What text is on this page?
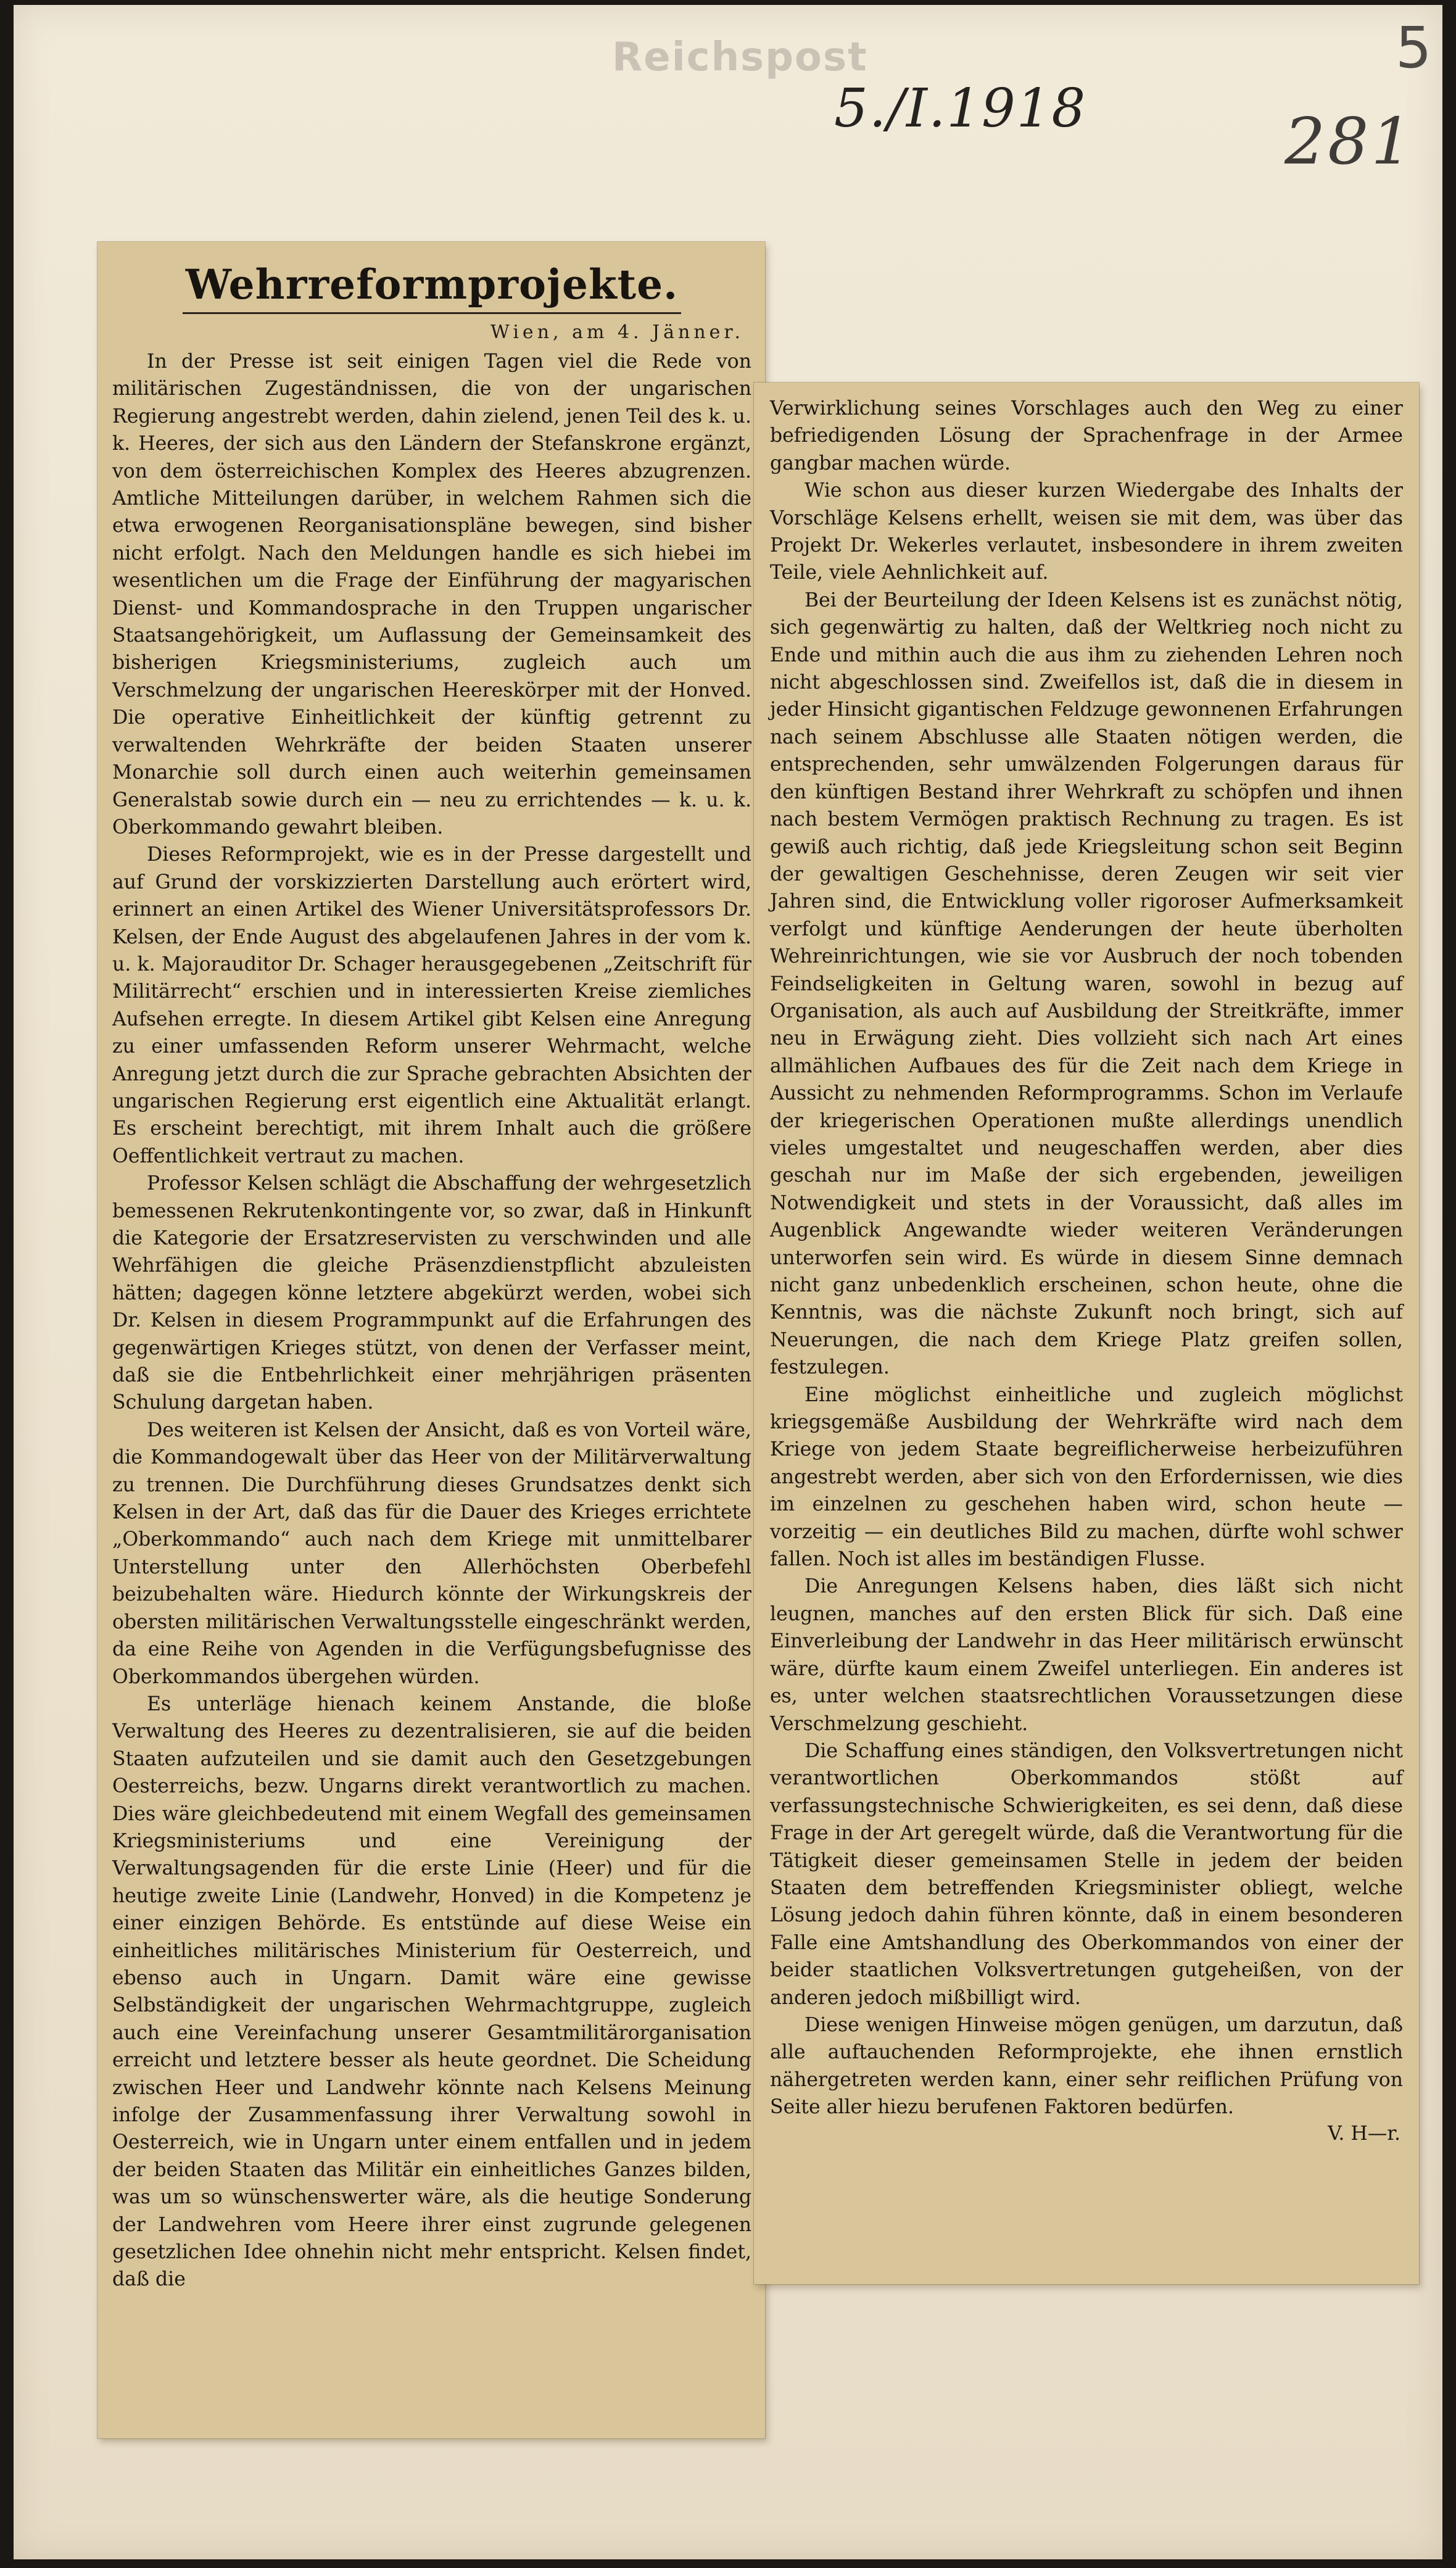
Reichspost
5./I.1918
5
281
Wehrreformprojekte.
Wien, am 4. Jänner.

In der Presse ist seit einigen Tagen viel die Rede von militärischen Zugeständnissen, die von der ungarischen Regierung angestrebt werden, dahin zielend, jenen Teil des k. u. k. Heeres, der sich aus den Ländern der Stefanskrone ergänzt, von dem österreichischen Komplex des Heeres abzugrenzen. Amtliche Mitteilungen darüber, in welchem Rahmen sich die etwa erwogenen Reorganisationspläne bewegen, sind bisher nicht erfolgt. Nach den Meldungen handle es sich hiebei im wesentlichen um die Frage der Einführung der magyarischen Dienst- und Kommandosprache in den Truppen ungarischer Staatsangehörigkeit, um Auflassung der Gemeinsamkeit des bisherigen Kriegsministeriums, zugleich auch um Verschmelzung der ungarischen Heereskörper mit der Honved. Die operative Einheitlichkeit der künftig getrennt zu verwaltenden Wehrkräfte der beiden Staaten unserer Monarchie soll durch einen auch weiterhin gemeinsamen Generalstab sowie durch ein — neu zu errichtendes — k. u. k. Oberkommando gewahrt bleiben.

Dieses Reformprojekt, wie es in der Presse dargestellt und auf Grund der vorskizzierten Darstellung auch erörtert wird, erinnert an einen Artikel des Wiener Universitätsprofessors Dr. Kelsen, der Ende August des abgelaufenen Jahres in der vom k. u. k. Majorauditor Dr. Schager herausgegebenen „Zeitschrift für Militärrecht“ erschien und in interessierten Kreise ziemliches Aufsehen erregte. In diesem Artikel gibt Kelsen eine Anregung zu einer umfassenden Reform unserer Wehrmacht, welche Anregung jetzt durch die zur Sprache gebrachten Absichten der ungarischen Regierung erst eigentlich eine Aktualität erlangt. Es erscheint berechtigt, mit ihrem Inhalt auch die größere Oeffentlichkeit vertraut zu machen.

Professor Kelsen schlägt die Abschaffung der wehrgesetzlich bemessenen Rekrutenkontingente vor, so zwar, daß in Hinkunft die Kategorie der Ersatzreservisten zu verschwinden und alle Wehrfähigen die gleiche Präsenzdienstpflicht abzuleisten hätten; dagegen könne letztere abgekürzt werden, wobei sich Dr. Kelsen in diesem Programmpunkt auf die Erfahrungen des gegenwärtigen Krieges stützt, von denen der Verfasser meint, daß sie die Entbehrlichkeit einer mehrjährigen präsenten Schulung dargetan haben.

Des weiteren ist Kelsen der Ansicht, daß es von Vorteil wäre, die Kommandogewalt über das Heer von der Militärverwaltung zu trennen. Die Durchführung dieses Grundsatzes denkt sich Kelsen in der Art, daß das für die Dauer des Krieges errichtete „Oberkommando“ auch nach dem Kriege mit unmittelbarer Unterstellung unter den Allerhöchsten Oberbefehl beizubehalten wäre. Hiedurch könnte der Wirkungskreis der obersten militärischen Verwaltungsstelle eingeschränkt werden, da eine Reihe von Agenden in die Verfügungsbefugnisse des Oberkommandos übergehen würden.

Es unterläge hienach keinem Anstande, die bloße Verwaltung des Heeres zu dezentralisieren, sie auf die beiden Staaten aufzuteilen und sie damit auch den Gesetzgebungen Oesterreichs, bezw. Ungarns direkt verantwortlich zu machen. Dies wäre gleichbedeutend mit einem Wegfall des gemeinsamen Kriegsministeriums und eine Vereinigung der Verwaltungsagenden für die erste Linie (Heer) und für die heutige zweite Linie (Landwehr, Honved) in die Kompetenz je einer einzigen Behörde. Es entstünde auf diese Weise ein einheitliches militärisches Ministerium für Oesterreich, und ebenso auch in Ungarn. Damit wäre eine gewisse Selbständigkeit der ungarischen Wehrmachtgruppe, zugleich auch eine Vereinfachung unserer Gesamtmilitärorganisation erreicht und letztere besser als heute geordnet. Die Scheidung zwischen Heer und Landwehr könnte nach Kelsens Meinung infolge der Zusammenfassung ihrer Verwaltung sowohl in Oesterreich, wie in Ungarn unter einem entfallen und in jedem der beiden Staaten das Militär ein einheitliches Ganzes bilden, was um so wünschenswerter wäre, als die heutige Sonderung der Landwehren vom Heere ihrer einst zugrunde gelegenen gesetzlichen Idee ohnehin nicht mehr entspricht. Kelsen findet, daß die

Verwirklichung seines Vorschlages auch den Weg zu einer befriedigenden Lösung der Sprachenfrage in der Armee gangbar machen würde.

Wie schon aus dieser kurzen Wiedergabe des Inhalts der Vorschläge Kelsens erhellt, weisen sie mit dem, was über das Projekt Dr. Wekerles verlautet, insbesondere in ihrem zweiten Teile, viele Aehnlichkeit auf.

Bei der Beurteilung der Ideen Kelsens ist es zunächst nötig, sich gegenwärtig zu halten, daß der Weltkrieg noch nicht zu Ende und mithin auch die aus ihm zu ziehenden Lehren noch nicht abgeschlossen sind. Zweifellos ist, daß die in diesem in jeder Hinsicht gigantischen Feldzuge gewonnenen Erfahrungen nach seinem Abschlusse alle Staaten nötigen werden, die entsprechenden, sehr umwälzenden Folgerungen daraus für den künftigen Bestand ihrer Wehrkraft zu schöpfen und ihnen nach bestem Vermögen praktisch Rechnung zu tragen. Es ist gewiß auch richtig, daß jede Kriegsleitung schon seit Beginn der gewaltigen Geschehnisse, deren Zeugen wir seit vier Jahren sind, die Entwicklung voller rigoroser Aufmerksamkeit verfolgt und künftige Aenderungen der heute überholten Wehreinrichtungen, wie sie vor Ausbruch der noch tobenden Feindseligkeiten in Geltung waren, sowohl in bezug auf Organisation, als auch auf Ausbildung der Streitkräfte, immer neu in Erwägung zieht. Dies vollzieht sich nach Art eines allmählichen Aufbaues des für die Zeit nach dem Kriege in Aussicht zu nehmenden Reformprogramms. Schon im Verlaufe der kriegerischen Operationen mußte allerdings unendlich vieles umgestaltet und neugeschaffen werden, aber dies geschah nur im Maße der sich ergebenden, jeweiligen Notwendigkeit und stets in der Voraussicht, daß alles im Augenblick Angewandte wieder weiteren Veränderungen unterworfen sein wird. Es würde in diesem Sinne demnach nicht ganz unbedenklich erscheinen, schon heute, ohne die Kenntnis, was die nächste Zukunft noch bringt, sich auf Neuerungen, die nach dem Kriege Platz greifen sollen, festzulegen.

Eine möglichst einheitliche und zugleich möglichst kriegsgemäße Ausbildung der Wehrkräfte wird nach dem Kriege von jedem Staate begreiflicherweise herbeizuführen angestrebt werden, aber sich von den Erfordernissen, wie dies im einzelnen zu geschehen haben wird, schon heute — vorzeitig — ein deutliches Bild zu machen, dürfte wohl schwer fallen. Noch ist alles im beständigen Flusse.

Die Anregungen Kelsens haben, dies läßt sich nicht leugnen, manches auf den ersten Blick für sich. Daß eine Einverleibung der Landwehr in das Heer militärisch erwünscht wäre, dürfte kaum einem Zweifel unterliegen. Ein anderes ist es, unter welchen staatsrechtlichen Voraussetzungen diese Verschmelzung geschieht.

Die Schaffung eines ständigen, den Volksvertretungen nicht verantwortlichen Oberkommandos stößt auf verfassungstechnische Schwierigkeiten, es sei denn, daß diese Frage in der Art geregelt würde, daß die Verantwortung für die Tätigkeit dieser gemeinsamen Stelle in jedem der beiden Staaten dem betreffenden Kriegsminister obliegt, welche Lösung jedoch dahin führen könnte, daß in einem besonderen Falle eine Amtshandlung des Oberkommandos von einer der beider staatlichen Volksvertretungen gutgeheißen, von der anderen jedoch mißbilligt wird.

Diese wenigen Hinweise mögen genügen, um darzutun, daß alle auftauchenden Reformprojekte, ehe ihnen ernstlich nähergetreten werden kann, einer sehr reiflichen Prüfung von Seite aller hiezu berufenen Faktoren bedürfen.

V. H—r.
